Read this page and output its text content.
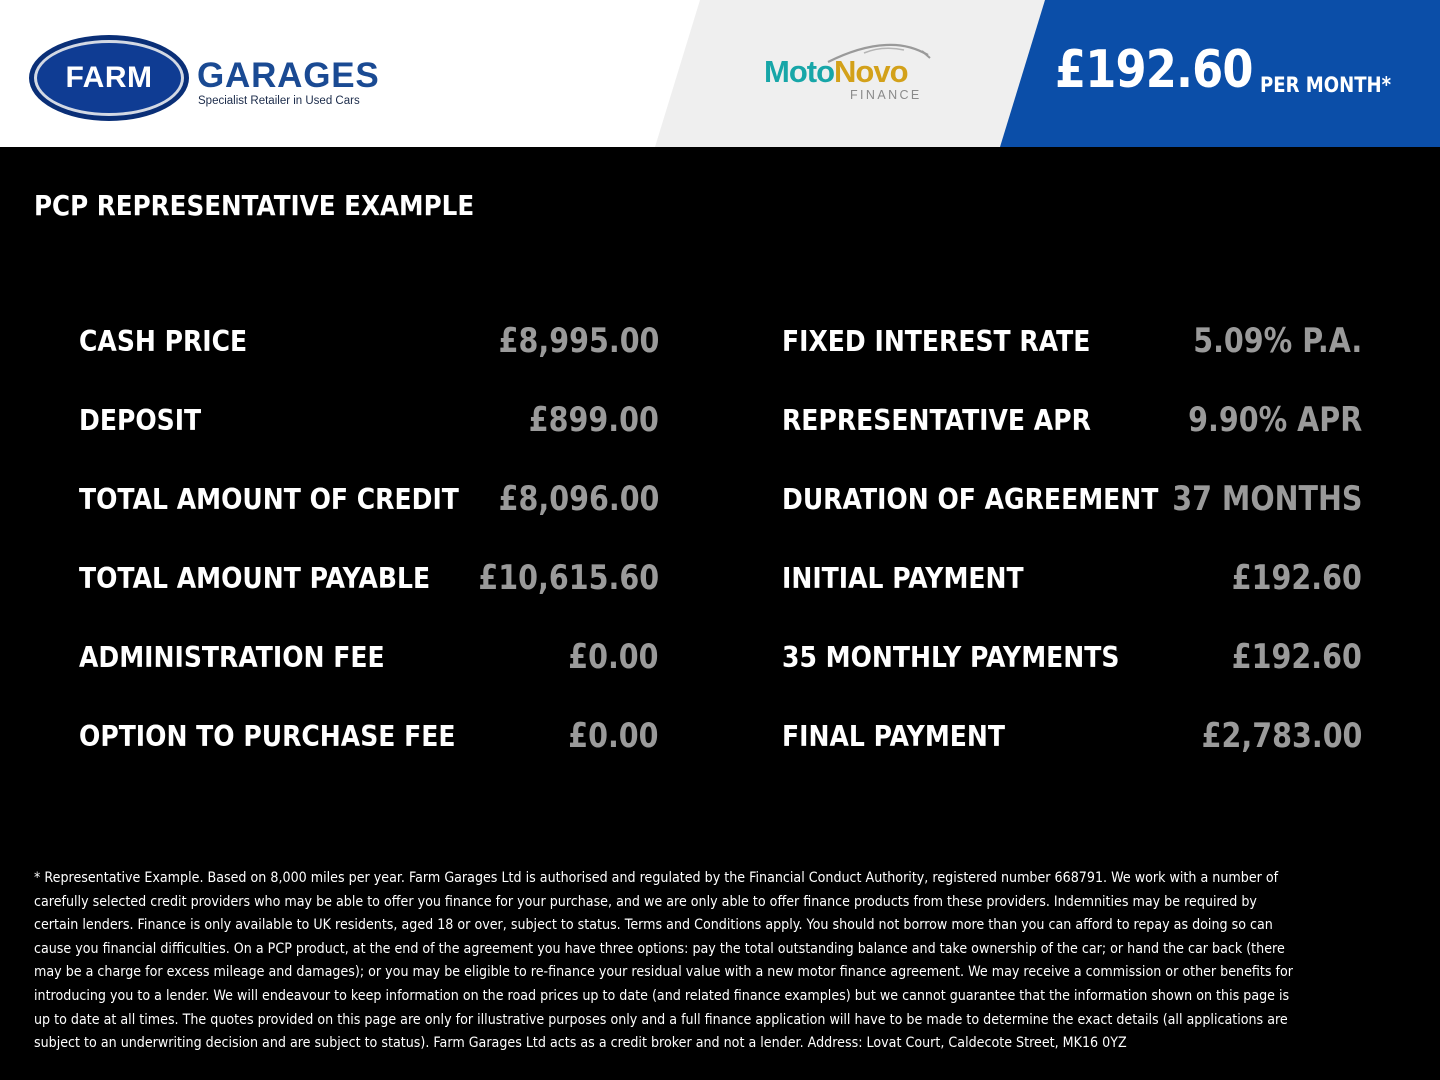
FARM GARAGES
Specialist Retailer in Used Cars
MotoNovo
FINANCE	£192.60 PER MONTH*
PCP REPRESENTATIVE EXAMPLE
CASH PRICE	£8,995.00
DEPOSIT	£899.00
TOTAL AMOUNT OF CREDIT £8,096.00
TOTAL AMOUNT PAYABLE £10,615.60
ADMINISTRATION FEE	£0.00
OPTION TO PURCHASE FEE	£0.00
FIXED INTEREST RATE	5.09% P.A.
REPRESENTATIVE APR	9.90% APR
DURATION OF AGREEMENT 37 MONTHS
INITIAL PAYMENT	£192.60
35 MONTHLY PAYMENTS	£192.60
FINAL PAYMENT	£2,783.00
* Representative Example. Based on 8,000 miles per year. Farm Garages Ltd is authorised and regulated by the Financial Conduct Authority, registered number 668791. We work with a number of carefully selected credit providers who may be able to offer you finance for your purchase, and we are only able to offer finance products from these providers. Indemnities may be required by certain lenders. Finance is only available to UK residents, aged 18 or over, subject to status. Terms and Conditions apply. You should not borrow more than you can afford to repay as doing so can cause you financial difficulties. On a PCP product, at the end of the agreement you have three options: pay the total outstanding balance and take ownership of the car; or hand the car back (there may be a charge for excess mileage and damages); or you may be eligible to re-finance your residual value with a new motor finance agreement. We may receive a commission or other benefits for introducing you to a lender. We will endeavour to keep information on the road prices up to date (and related finance examples) but we cannot guarantee that the information shown on this page is up to date at all times. The quotes provided on this page are only for illustrative purposes only and a full finance application will have to be made to determine the exact details (all applications are subject to an underwriting decision and are subject to status). Farm Garages Ltd acts as a credit broker and not a lender. Address: Lovat Court, Caldecote Street, MK16 0YZ
